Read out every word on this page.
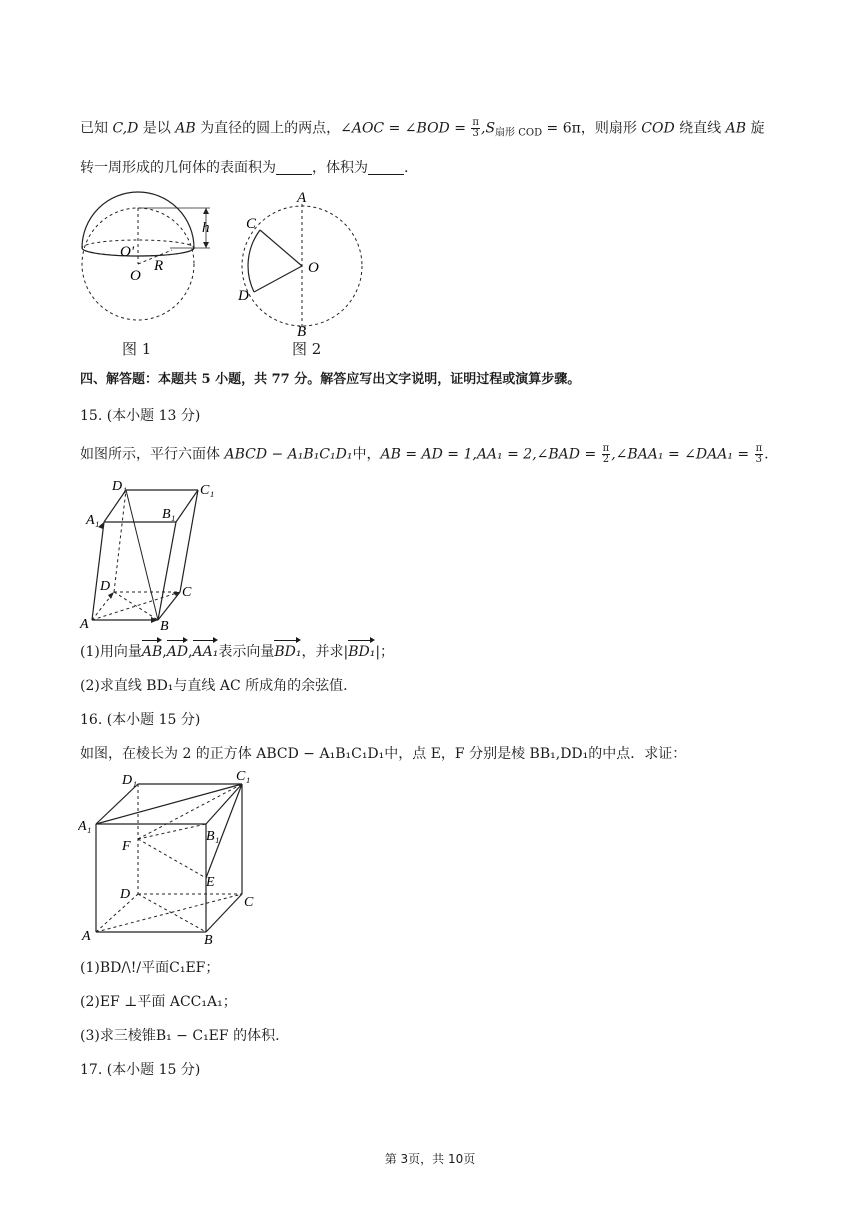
已知 C,D 是以 AB 为直径的圆上的两点，∠AOC = ∠BOD = $\frac{\pi}{3} ,S_{扇形 COD} = 6\pi$，则扇形 COD 绕直线 AB 旋
转一周形成的几何体的表面积为	，体积为	.
h
O'
R
O
A
C
O
D
B
图 1	图 2
四、解答题：本题共 5 小题，共 77 分。解答应写出文字说明，证明过程或演算步骤。
15. (本小题 13 分)
如图所示，平行六面体 ABCD − A₁B₁C₁D₁中，AB = AD = 1,AA₁ = 2,∠BAD = $\frac{\pi}{2}$ ,∠BAA₁ = ∠DAA₁ = $\frac{\pi}{3}$ .
D₁	C₁
A₁	B₁
D	C
A	B
(1)用向量AB,AD,AA₁表示向量BD₁，并求|BD₁|；
(2)求直线 BD₁与直线 AC 所成角的余弦值.
16. (本小题 15 分)
如图，在棱长为 2 的正方体 ABCD − A₁B₁C₁D₁中，点 E，F 分别是棱 BB₁,DD₁的中点．求证：
D₁	C₁
A₁
B₁
F
E
D
C
A	B
(1)BD/\!/平面C₁EF；
(2)EF ⊥平面 ACC₁A₁；
(3)求三棱锥B₁ − C₁EF 的体积.
17. (本小题 15 分)
第 3页，共 10页
